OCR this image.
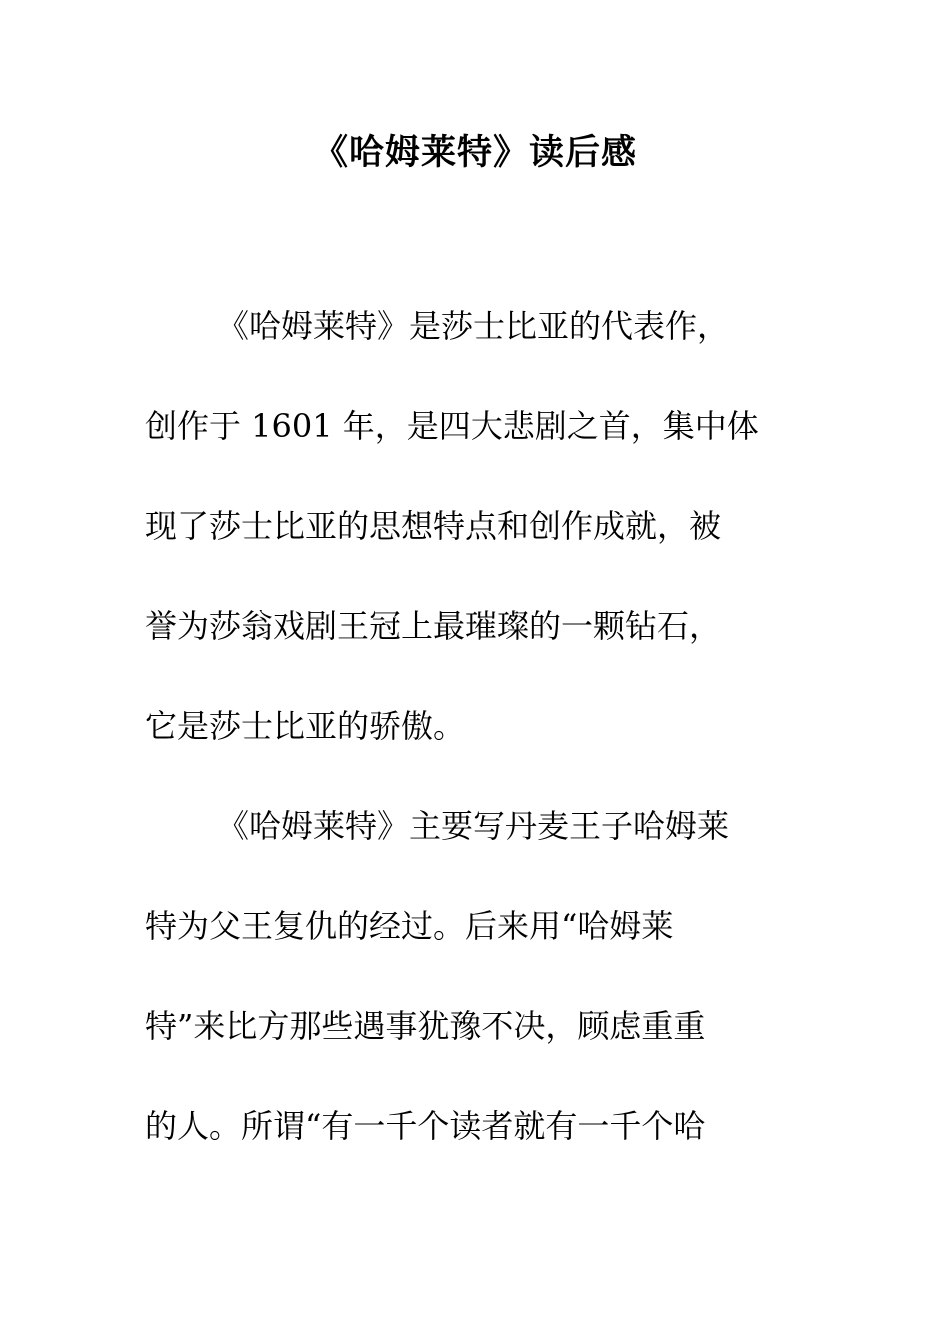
《哈姆莱特》读后感
《哈姆莱特》是莎士比亚的代表作，
创作于 1601 年，是四大悲剧之首，集中体
现了莎士比亚的思想特点和创作成就，被
誉为莎翁戏剧王冠上最璀璨的一颗钻石，
它是莎士比亚的骄傲。
《哈姆莱特》主要写丹麦王子哈姆莱
特为父王复仇的经过。后来用“哈姆莱
特”来比方那些遇事犹豫不决，顾虑重重
的人。所谓“有一千个读者就有一千个哈
